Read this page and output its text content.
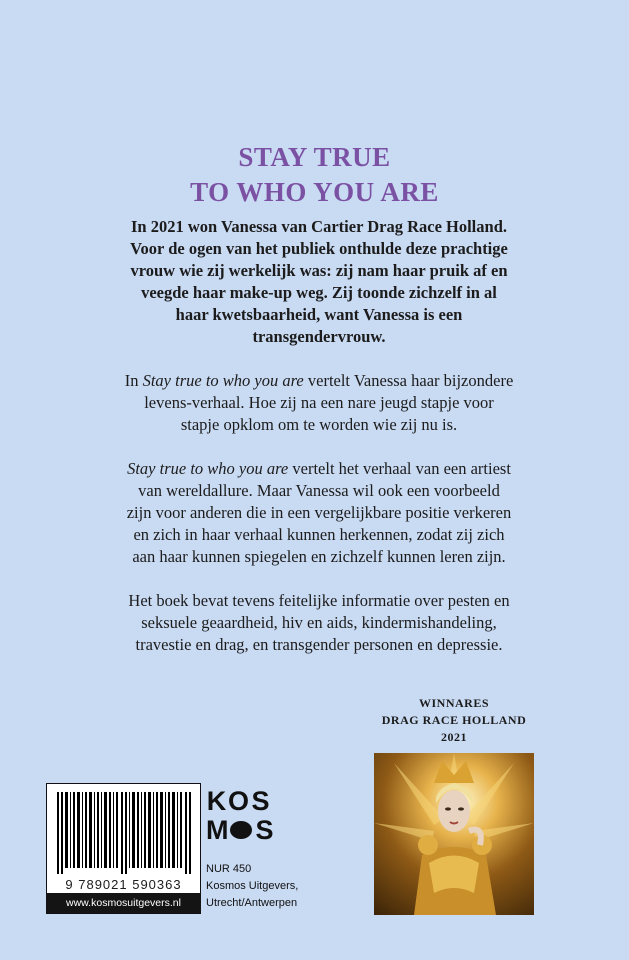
STAY TRUE
TO WHO YOU ARE

In 2021 won Vanessa van Cartier Drag Race Holland. Voor de ogen van het publiek onthulde deze prachtige vrouw wie zij werkelijk was: zij nam haar pruik af en veegde haar make-up weg. Zij toonde zichzelf in al haar kwetsbaarheid, want Vanessa is een transgendervrouw.

In Stay true to who you are vertelt Vanessa haar bijzondere levens-verhaal. Hoe zij na een nare jeugd stapje voor stapje opklom om te worden wie zij nu is.

Stay true to who you are vertelt het verhaal van een artiest van wereldallure. Maar Vanessa wil ook een voorbeeld zijn voor anderen die in een vergelijkbare positie verkeren en zich in haar verhaal kunnen herkennen, zodat zij zich aan haar kunnen spiegelen en zichzelf kunnen leren zijn.

Het boek bevat tevens feitelijke informatie over pesten en seksuele geaardheid, hiv en aids, kindermishandeling, travestie en drag, en transgender personen en depressie.

WINNARES
DRAG RACE HOLLAND
2021
9 789021 590363
www.kosmosuitgevers.nl
K O S
M S
NUR 450
Kosmos Uitgevers,
Utrecht/Antwerpen
